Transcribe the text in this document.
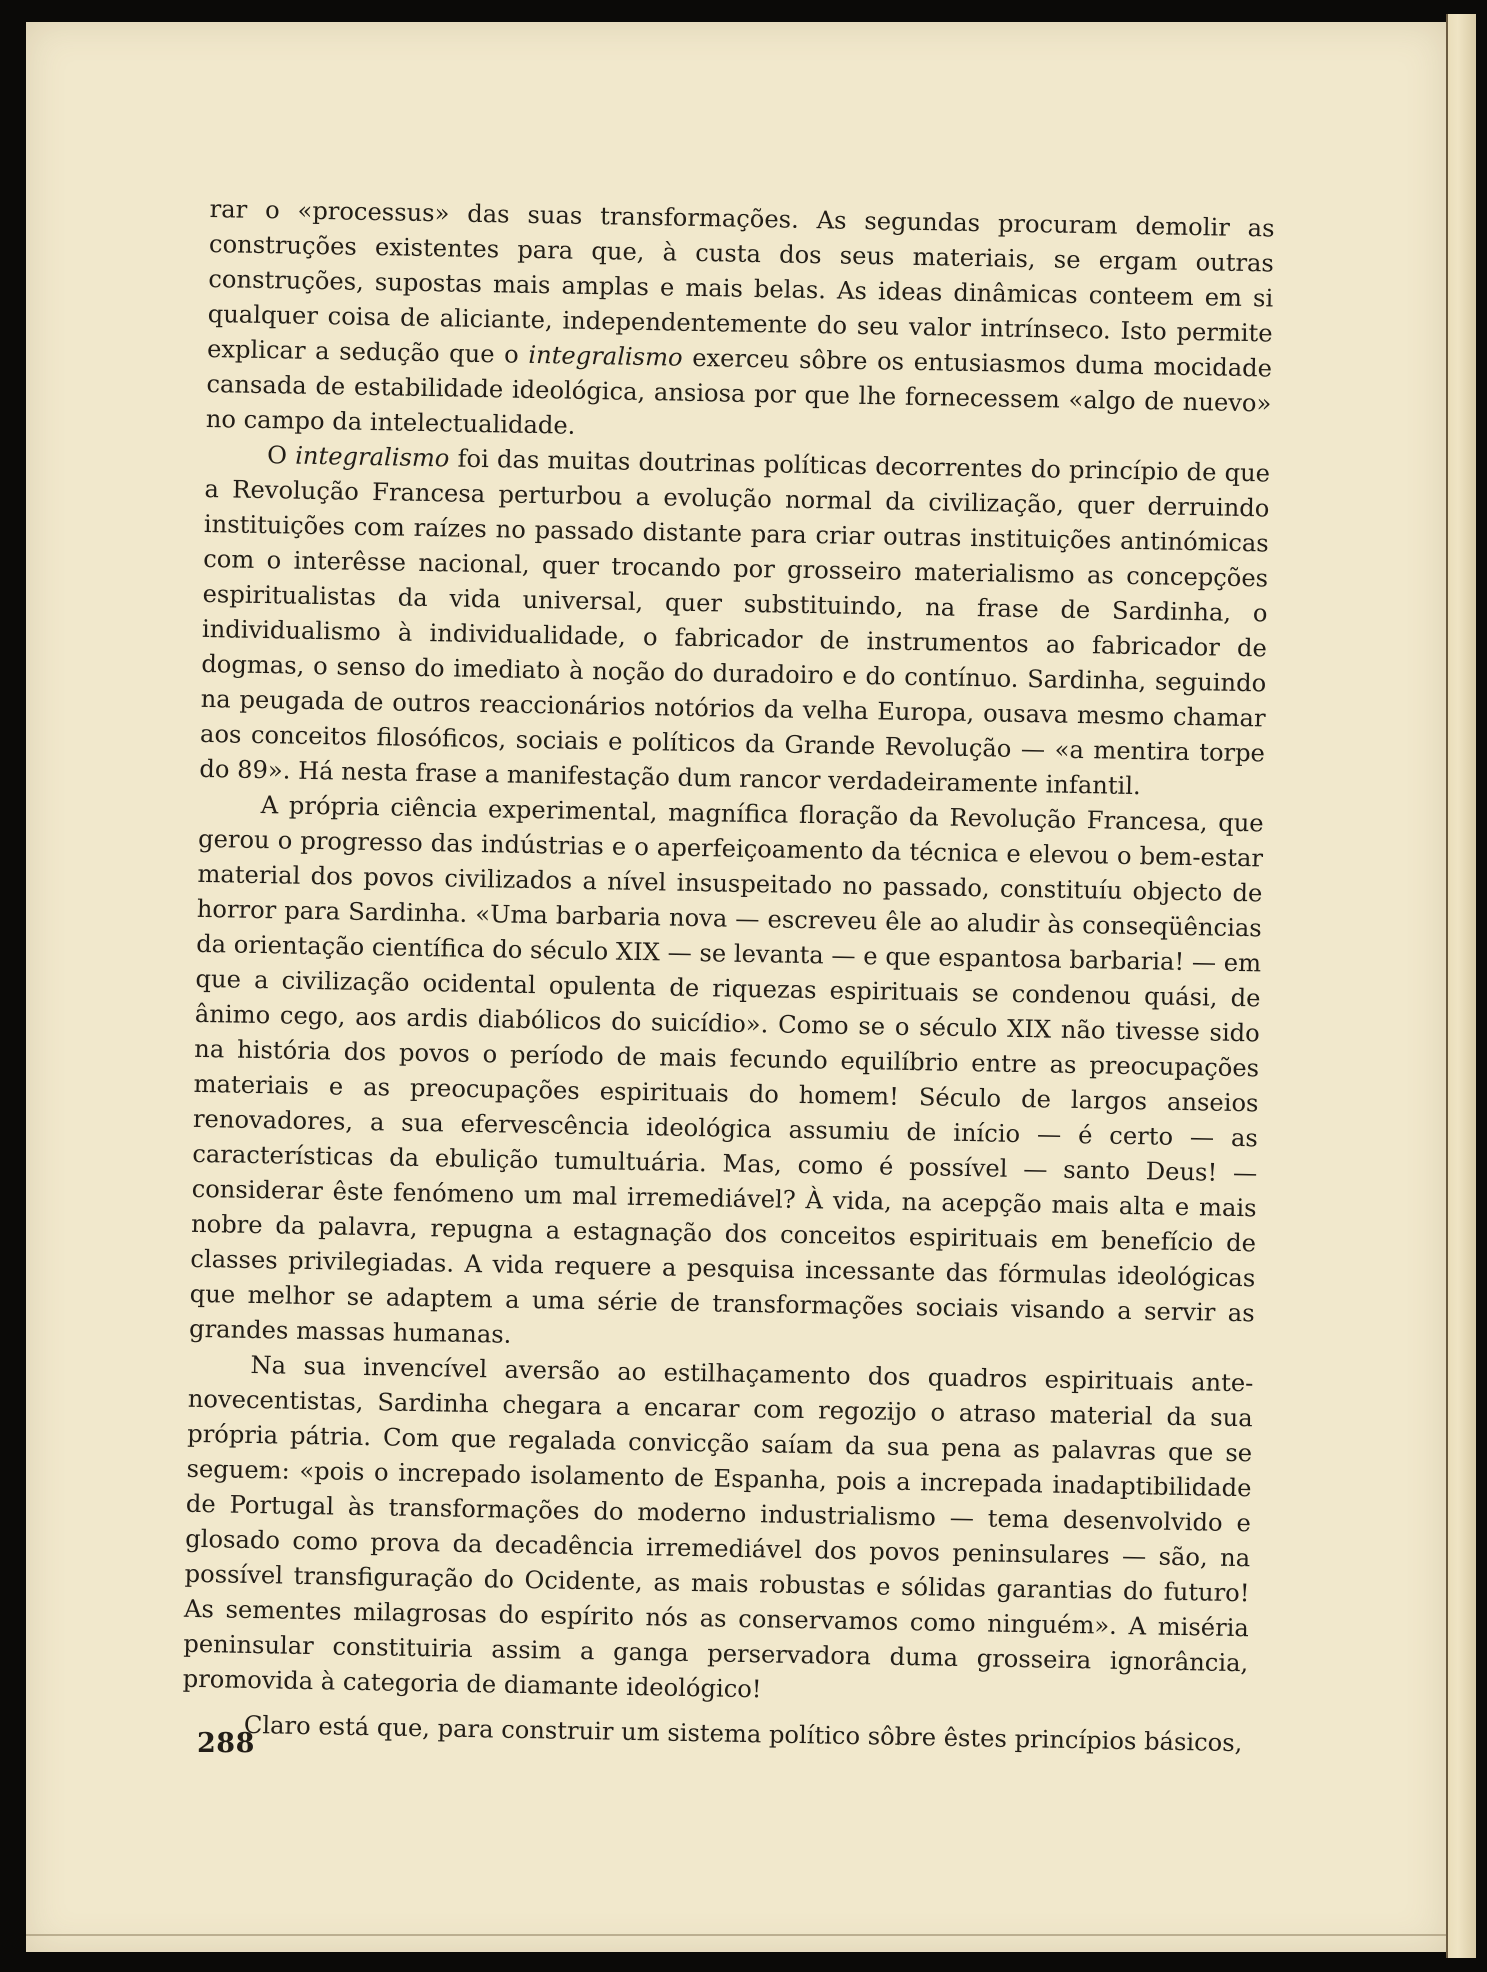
rar o «processus» das suas transformações. As segundas procuram demolir as construções existentes para que, à custa dos seus materiais, se ergam outras construções, supostas mais amplas e mais belas. As ideas dinâmicas conteem em si qualquer coisa de aliciante, independentemente do seu valor intrínseco. Isto permite explicar a sedução que o integralismo exerceu sôbre os entusiasmos duma mocidade cansada de estabilidade ideológica, ansiosa por que lhe fornecessem «algo de nuevo» no campo da intelectualidade.

O integralismo foi das muitas doutrinas políticas decorrentes do princípio de que a Revolução Francesa perturbou a evolução normal da civilização, quer derruindo instituições com raízes no passado distante para criar outras instituições antinómicas com o interêsse nacional, quer trocando por grosseiro materialismo as concepções espiritualistas da vida universal, quer substituindo, na frase de Sardinha, o individualismo à individualidade, o fabricador de instrumentos ao fabricador de dogmas, o senso do imediato à noção do duradoiro e do contínuo. Sardinha, seguindo na peugada de outros reaccionários notórios da velha Europa, ousava mesmo chamar aos conceitos filosóficos, sociais e políticos da Grande Revolução — «a mentira torpe do 89». Há nesta frase a manifestação dum rancor verdadeiramente infantil.

A própria ciência experimental, magnífica floração da Revolução Francesa, que gerou o progresso das indústrias e o aperfeiçoamento da técnica e elevou o bem-estar material dos povos civilizados a nível insuspeitado no passado, constituíu objecto de horror para Sardinha. «Uma barbaria nova — escreveu êle ao aludir às conseqüências da orientação científica do século XIX — se levanta — e que espantosa barbaria! — em que a civilização ocidental opulenta de riquezas espirituais se condenou quási, de ânimo cego, aos ardis diabólicos do suicídio». Como se o século XIX não tivesse sido na história dos povos o período de mais fecundo equilíbrio entre as preocupações materiais e as preocupações espirituais do homem! Século de largos anseios renovadores, a sua efervescência ideológica assumiu de início — é certo — as características da ebulição tumultuária. Mas, como é possível — santo Deus! — considerar êste fenómeno um mal irremediável? À vida, na acepção mais alta e mais nobre da palavra, repugna a estagnação dos conceitos espirituais em benefício de classes privilegiadas. A vida requere a pesquisa incessante das fórmulas ideológicas que melhor se adaptem a uma série de transformações sociais visando a servir as grandes massas humanas.

Na sua invencível aversão ao estilhaçamento dos quadros espirituais ante-novecentistas, Sardinha chegara a encarar com regozijo o atraso material da sua própria pátria. Com que regalada convicção saíam da sua pena as palavras que se seguem: «pois o increpado isolamento de Espanha, pois a increpada inadaptibilidade de Portugal às transformações do moderno industrialismo — tema desenvolvido e glosado como prova da decadência irremediável dos povos peninsulares — são, na possível transfiguração do Ocidente, as mais robustas e sólidas garantias do futuro! As sementes milagrosas do espírito nós as conservamos como ninguém». A miséria peninsular constituiria assim a ganga perservadora duma grosseira ignorância, promovida à categoria de diamante ideológico!

Claro está que, para construir um sistema político sôbre êstes princípios básicos,

288
